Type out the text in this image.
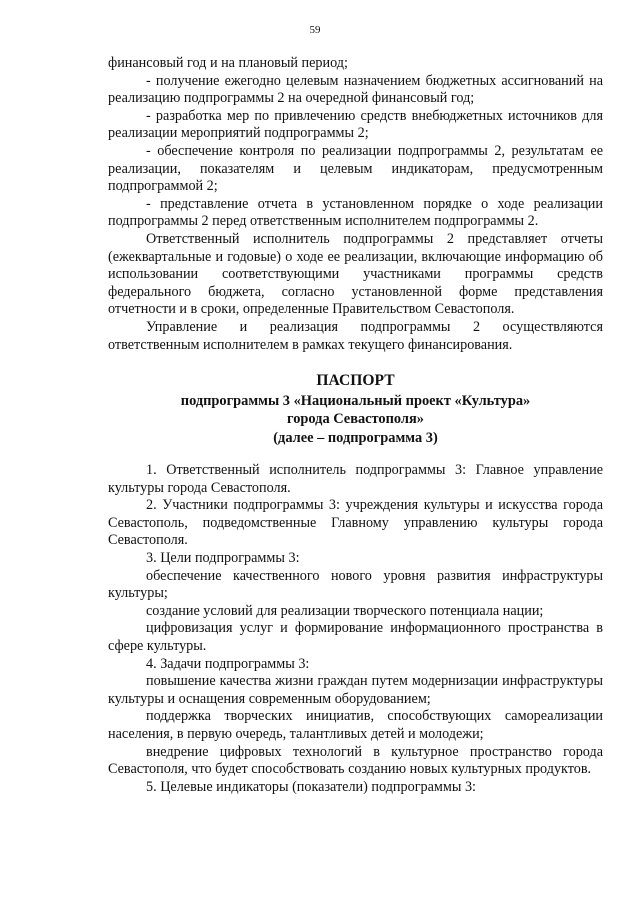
59

финансовый год и на плановый период;

- получение ежегодно целевым назначением бюджетных ассигнований на реализацию подпрограммы 2 на очередной финансовый год;

- разработка мер по привлечению средств внебюджетных источников для реализации мероприятий подпрограммы 2;

- обеспечение контроля по реализации подпрограммы 2, результатам ее реализации, показателям и целевым индикаторам, предусмотренным подпрограммой 2;

- представление отчета в установленном порядке о ходе реализации подпрограммы 2 перед ответственным исполнителем подпрограммы 2.

Ответственный исполнитель подпрограммы 2 представляет отчеты (ежеквартальные и годовые) о ходе ее реализации, включающие информацию об использовании соответствующими участниками программы средств федерального бюджета, согласно установленной форме представления отчетности и в сроки, определенные Правительством Севастополя.

Управление и реализация подпрограммы 2 осуществляются ответственным исполнителем в рамках текущего финансирования.

ПАСПОРТ
подпрограммы 3 «Национальный проект «Культура»
города Севастополя»
(далее – подпрограмма 3)

1. Ответственный исполнитель подпрограммы 3: Главное управление культуры города Севастополя.

2. Участники подпрограммы 3: учреждения культуры и искусства города Севастополь, подведомственные Главному управлению культуры города Севастополя.

3. Цели подпрограммы 3:

обеспечение качественного нового уровня развития инфраструктуры культуры;

создание условий для реализации творческого потенциала нации;

цифровизация услуг и формирование информационного пространства в сфере культуры.

4. Задачи подпрограммы 3:

повышение качества жизни граждан путем модернизации инфраструктуры культуры и оснащения современным оборудованием;

поддержка творческих инициатив, способствующих самореализации населения, в первую очередь, талантливых детей и молодежи;

внедрение цифровых технологий в культурное пространство города Севастополя, что будет способствовать созданию новых культурных продуктов.

5. Целевые индикаторы (показатели) подпрограммы 3:
